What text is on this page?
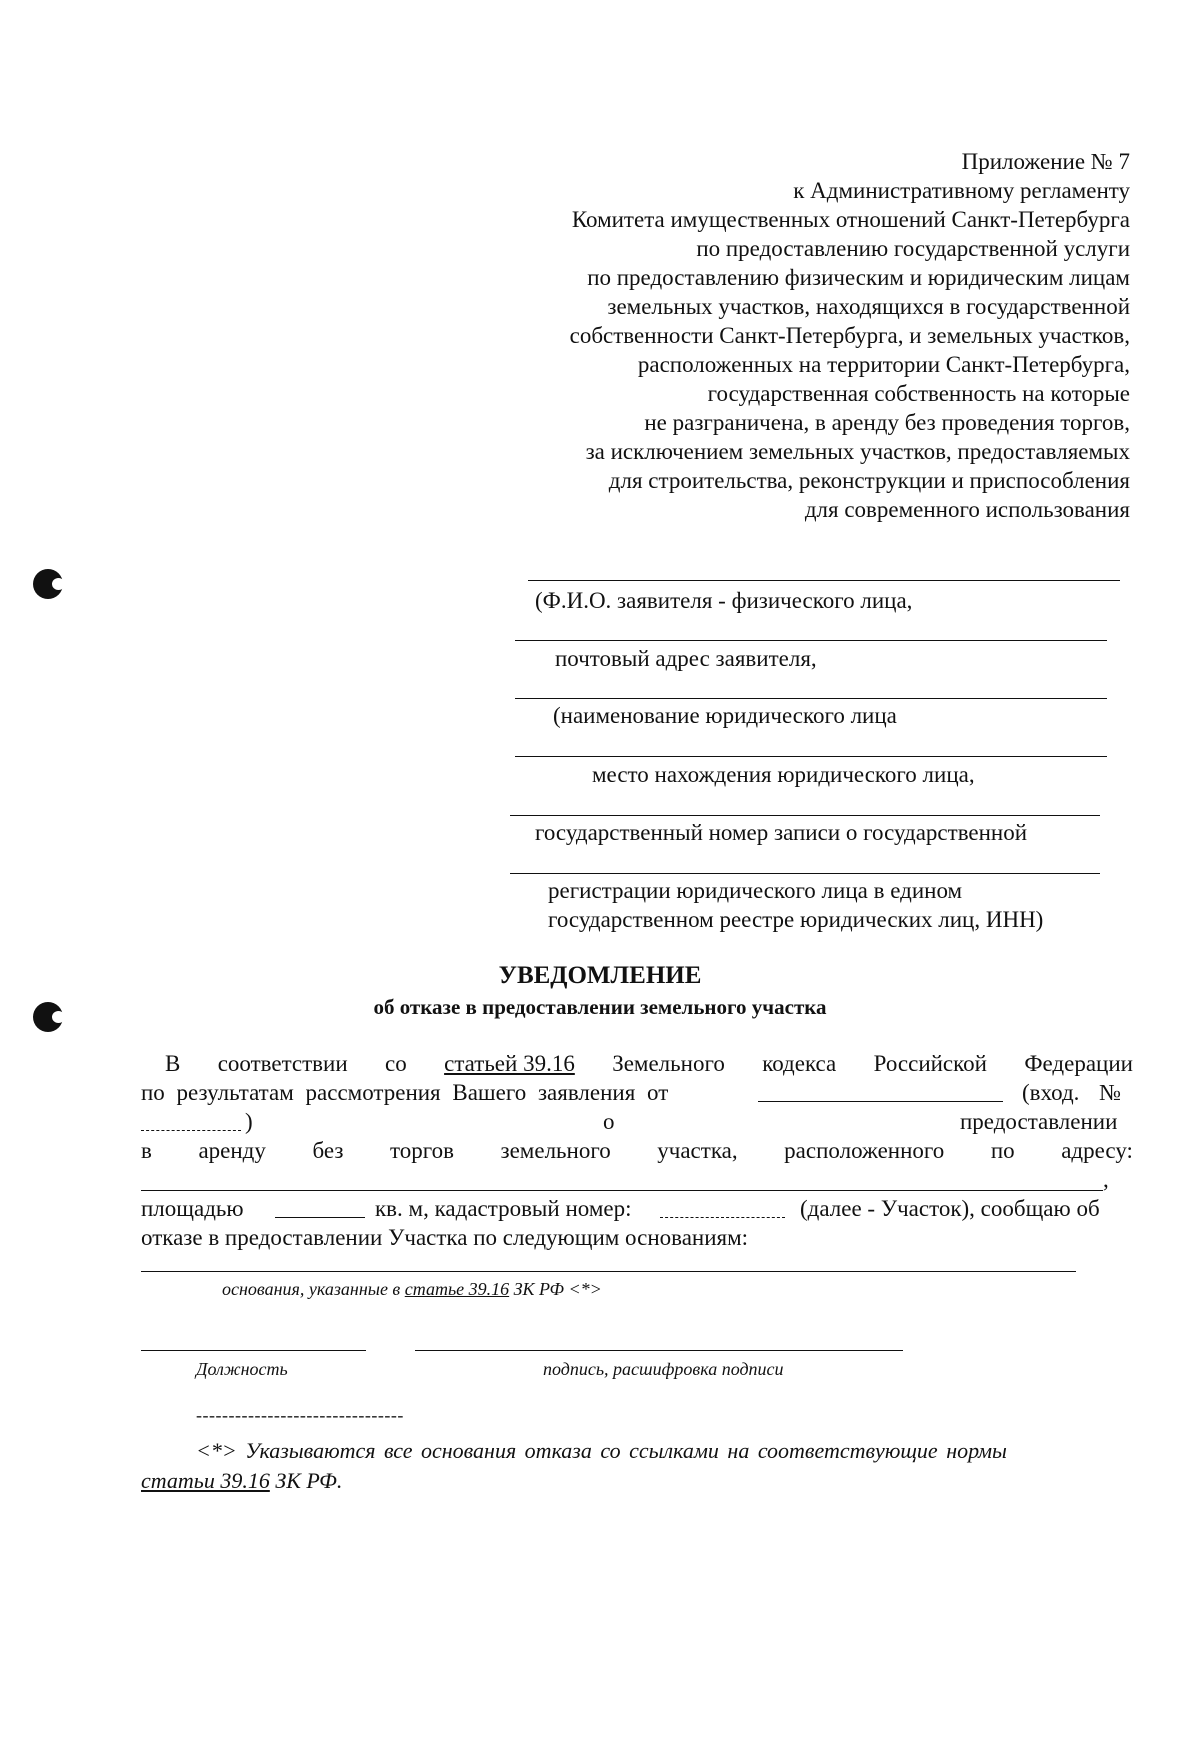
Приложение № 7
к Административному регламенту
Комитета имущественных отношений Санкт-Петербурга
по предоставлению государственной услуги
по предоставлению физическим и юридическим лицам
земельных участков, находящихся в государственной
собственности Санкт-Петербурга, и земельных участков,
расположенных на территории Санкт-Петербурга,
государственная собственность на которые
не разграничена, в аренду без проведения торгов,
за исключением земельных участков, предоставляемых
для строительства, реконструкции и приспособления
для современного использования
(Ф.И.О. заявителя - физического лица,
почтовый адрес заявителя,
(наименование юридического лица
место нахождения юридического лица,
государственный номер записи о государственной
регистрации юридического лица в едином
государственном реестре юридических лиц, ИНН)
УВЕДОМЛЕНИЕ
об отказе в предоставлении земельного участка
В соответствии со статьей 39.16 Земельного кодекса Российской Федерации
по результатам рассмотрения Вашего заявления от	(вход. №
)	о	предоставлении
в аренду без торгов земельного участка, расположенного по адресу:
,
площадью	кв. м, кадастровый номер:	(далее - Участок), сообщаю об
отказе в предоставлении Участка по следующим основаниям:
основания, указанные в статье 39.16 ЗК РФ <*>
Должность	подпись, расшифровка подписи
--------------------------------
<*> Указываются все основания отказа со ссылками на соответствующие нормы
статьи 39.16 ЗК РФ.
